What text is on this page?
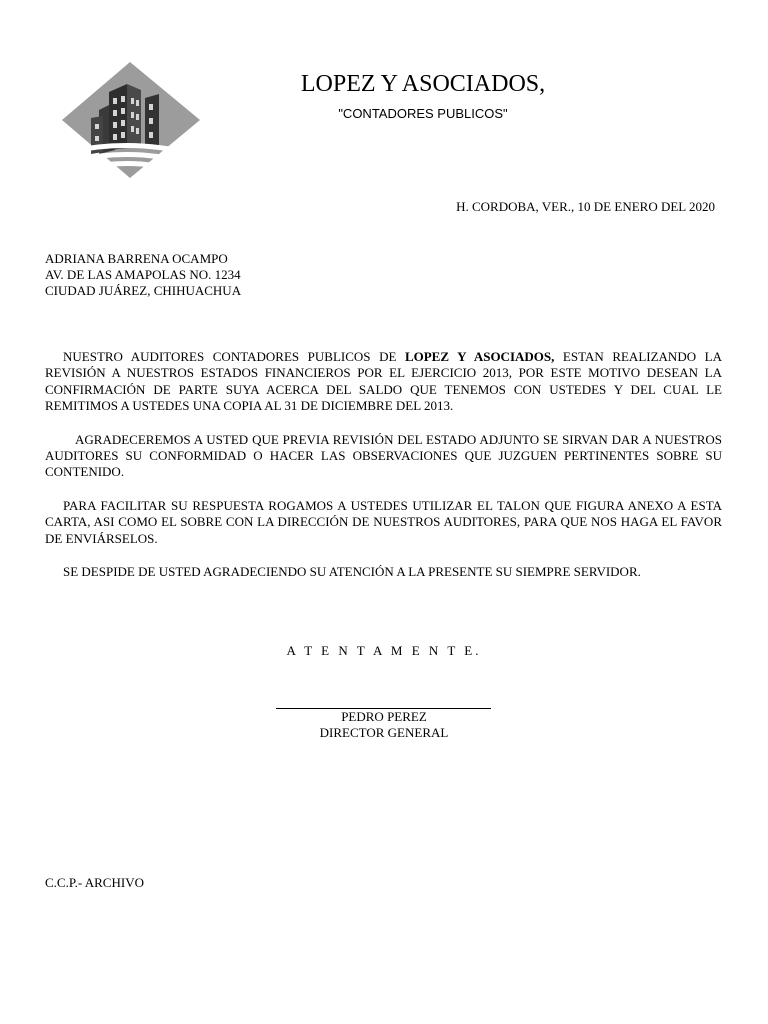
LOPEZ Y ASOCIADOS,
"CONTADORES PUBLICOS"
H. CORDOBA, VER., 10 DE ENERO DEL 2020
ADRIANA BARRENA OCAMPO
AV. DE LAS AMAPOLAS NO. 1234
CIUDAD JUÁREZ, CHIHUACHUA

NUESTRO AUDITORES CONTADORES PUBLICOS DE LOPEZ Y ASOCIADOS, ESTAN REALIZANDO LA REVISIÓN A NUESTROS ESTADOS FINANCIEROS POR EL EJERCICIO 2013, POR ESTE MOTIVO DESEAN LA CONFIRMACIÓN DE PARTE SUYA ACERCA DEL SALDO QUE TENEMOS CON USTEDES Y DEL CUAL LE REMITIMOS A USTEDES UNA COPIA AL 31 DE DICIEMBRE DEL 2013.

AGRADECEREMOS A USTED QUE PREVIA REVISIÓN DEL ESTADO ADJUNTO SE SIRVAN DAR A NUESTROS AUDITORES SU CONFORMIDAD O HACER LAS OBSERVACIONES QUE JUZGUEN PERTINENTES SOBRE SU CONTENIDO.

PARA FACILITAR SU RESPUESTA ROGAMOS A USTEDES UTILIZAR EL TALON QUE FIGURA ANEXO A ESTA CARTA, ASI COMO EL SOBRE CON LA DIRECCIÓN DE NUESTROS AUDITORES, PARA QUE NOS HAGA EL FAVOR DE ENVIÁRSELOS.

SE DESPIDE DE USTED AGRADECIENDO SU ATENCIÓN A LA PRESENTE SU SIEMPRE SERVIDOR.

A T E N T A M E N T E.
PEDRO PEREZ
DIRECTOR GENERAL
C.C.P.- ARCHIVO
